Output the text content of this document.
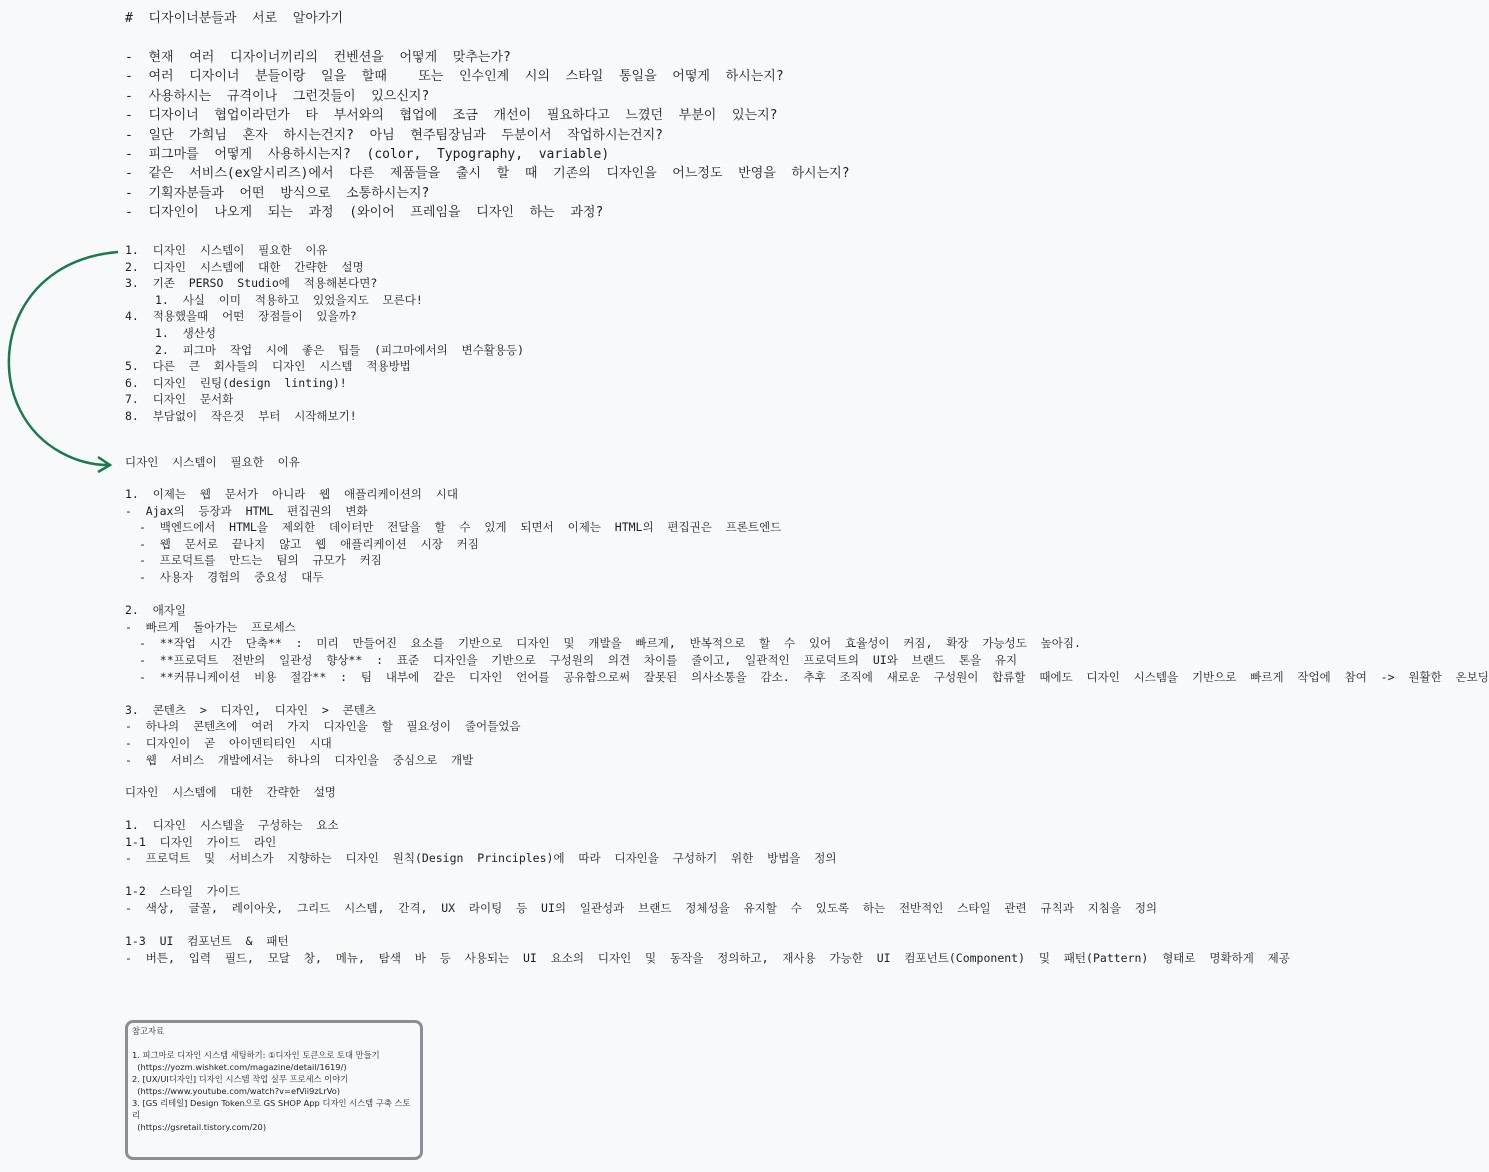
#  디자이너분들과  서로  알아가기
-  현재  여러  디자이너끼리의  컨벤션을  어떻게  맞추는가?
-  여러  디자이너  분들이랑  일을  할때    또는  인수인계  시의  스타일  통일을  어떻게  하시는지?
-  사용하시는  규격이나  그런것들이  있으신지?
-  디자이너  협업이라던가  타  부서와의  협업에  조금  개선이  필요하다고  느꼈던  부분이  있는지?
-  일단  가희님  혼자  하시는건지?  아님  현주팀장님과  두분이서  작업하시는건지?
-  피그마를  어떻게  사용하시는지?  (color,  Typography,  variable)
-  같은  서비스(ex알시리즈)에서  다른  제품들을  출시  할  때  기존의  디자인을  어느정도  반영을  하시는지?
-  기획자분들과  어떤  방식으로  소통하시는지?
-  디자인이  나오게  되는  과정  (와이어  프레임을  디자인  하는  과정?
1.  디자인  시스템이  필요한  이유
2.  디자인  시스템에  대한  간략한  설명
3.  기존  PERSO  Studio에  적용해본다면?
1.  사실  이미  적용하고  있었을지도  모른다!
4.  적용했을때  어떤  장점들이  있을까?
1.  생산성
2.  피그마  작업  시에  좋은  팁들  (피그마에서의  변수활용등)
5.  다른  큰  회사들의  디자인  시스템  적용방법
6.  디자인  린팅(design  linting)!
7.  디자인  문서화
8.  부담없이  작은것  부터  시작해보기!
디자인  시스템이  필요한  이유
1.  이제는  웹  문서가  아니라  웹  애플리케이션의  시대
-  Ajax의  등장과  HTML  편집권의  변화
-  백엔드에서  HTML을  제외한  데이터만  전달을  할  수  있게  되면서  이제는  HTML의  편집권은  프론트엔드
-  웹  문서로  끝나지  않고  웹  애플리케이션  시장  커짐
-  프로덕트를  만드는  팀의  규모가  커짐
-  사용자  경험의  중요성  대두

2.  애자일
-  빠르게  돌아가는  프로세스
-  **작업  시간  단축**  :  미리  만들어진  요소를  기반으로  디자인  및  개발을  빠르게,  반복적으로  할  수  있어  효율성이  커짐,  확장  가능성도  높아짐.
-  **프로덕트  전반의  일관성  향상**  :  표준  디자인을  기반으로  구성원의  의견  차이를  줄이고,  일관적인  프로덕트의  UI와  브랜드  톤을  유지
-  **커뮤니케이션  비용  절감**  :  팀  내부에  같은  디자인  언어를  공유함으로써  잘못된  의사소통을  감소.  추후  조직에  새로운  구성원이  합류할  때에도  디자인  시스템을  기반으로  빠르게  작업에  참여  ->  원활한  온보딩

3.  콘텐츠  >  디자인,  디자인  >  콘텐츠
-  하나의  콘텐츠에  여러  가지  디자인을  할  필요성이  줄어들었음
-  디자인이  곧  아이덴티티인  시대
-  웹  서비스  개발에서는  하나의  디자인을  중심으로  개발
디자인  시스템에  대한  간략한  설명
1.  디자인  시스템을  구성하는  요소
1-1  디자인  가이드  라인
-  프로덕트  및  서비스가  지향하는  디자인  원칙(Design  Principles)에  따라  디자인을  구성하기  위한  방법을  정의

1-2  스타일  가이드
-  색상,  글꼴,  레이아웃,  그리드  시스템,  간격,  UX  라이팅  등  UI의  일관성과  브랜드  정체성을  유지할  수  있도록  하는  전반적인  스타일  관련  규칙과  지침을  정의

1-3  UI  컴포넌트  &  패턴
-  버튼,  입력  필드,  모달  창,  메뉴,  탐색  바  등  사용되는  UI  요소의  디자인  및  동작을  정의하고,  재사용  가능한  UI  컴포넌트(Component)  및  패턴(Pattern)  형태로  명확하게  제공
참고자료

1. 피그마로 디자인 시스템 세팅하기: ①디자인 토큰으로 토대 만들기
(https://yozm.wishket.com/magazine/detail/1619/)
2. [UX/UI디자인] 디자인 시스템 작업 실무 프로세스 이야기
(https://www.youtube.com/watch?v=efVii9zLrVo)
3. [GS 리테일] Design Token으로 GS SHOP App 디자인 시스템 구축 스토리
(https://gsretail.tistory.com/20)
